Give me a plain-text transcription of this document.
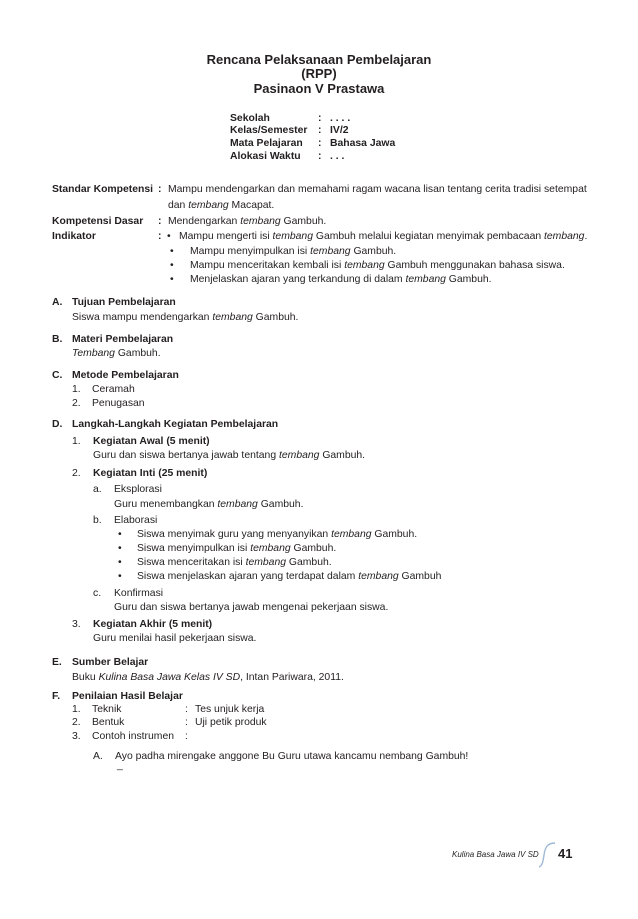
Rencana Pelaksanaan Pembelajaran
(RPP)
Pasinaon V Prastawa
Sekolah	: . . . .
Kelas/Semester : IV/2
Mata Pelajaran : Bahasa Jawa
Alokasi Waktu : . . .
Standar Kompetensi : Mampu mendengarkan dan memahami ragam wacana lisan tentang cerita tradisi setempat
dan tembang Macapat.
Kompetensi Dasar : Mendengarkan tembang Gambuh.
Indikator	: • Mampu mengerti isi tembang Gambuh melalui kegiatan menyimak pembacaan tembang.
• Mampu menyimpulkan isi tembang Gambuh.
• Mampu menceritakan kembali isi tembang Gambuh menggunakan bahasa siswa.
• Menjelaskan ajaran yang terkandung di dalam tembang Gambuh.
A. Tujuan Pembelajaran
Siswa mampu mendengarkan tembang Gambuh.
B. Materi Pembelajaran
Tembang Gambuh.
C. Metode Pembelajaran
1. Ceramah
2. Penugasan
D. Langkah-Langkah Kegiatan Pembelajaran
1. Kegiatan Awal (5 menit)
Guru dan siswa bertanya jawab tentang tembang Gambuh.
2. Kegiatan Inti (25 menit)
a. Eksplorasi
Guru menembangkan tembang Gambuh.
b. Elaborasi
• Siswa menyimak guru yang menyanyikan tembang Gambuh.
• Siswa menyimpulkan isi tembang Gambuh.
• Siswa menceritakan isi tembang Gambuh.
• Siswa menjelaskan ajaran yang terdapat dalam tembang Gambuh
c. Konfirmasi
Guru dan siswa bertanya jawab mengenai pekerjaan siswa.
3. Kegiatan Akhir (5 menit)
Guru menilai hasil pekerjaan siswa.
E. Sumber Belajar
Buku Kulina Basa Jawa Kelas IV SD, Intan Pariwara, 2011.
F. Penilaian Hasil Belajar
1. Teknik	: Tes unjuk kerja
2. Bentuk	: Uji petik produk
3. Contoh instrumen :
A. Ayo padha mirengake anggone Bu Guru utawa kancamu nembang Gambuh!
_
Kulina Basa Jawa IV SD 41
